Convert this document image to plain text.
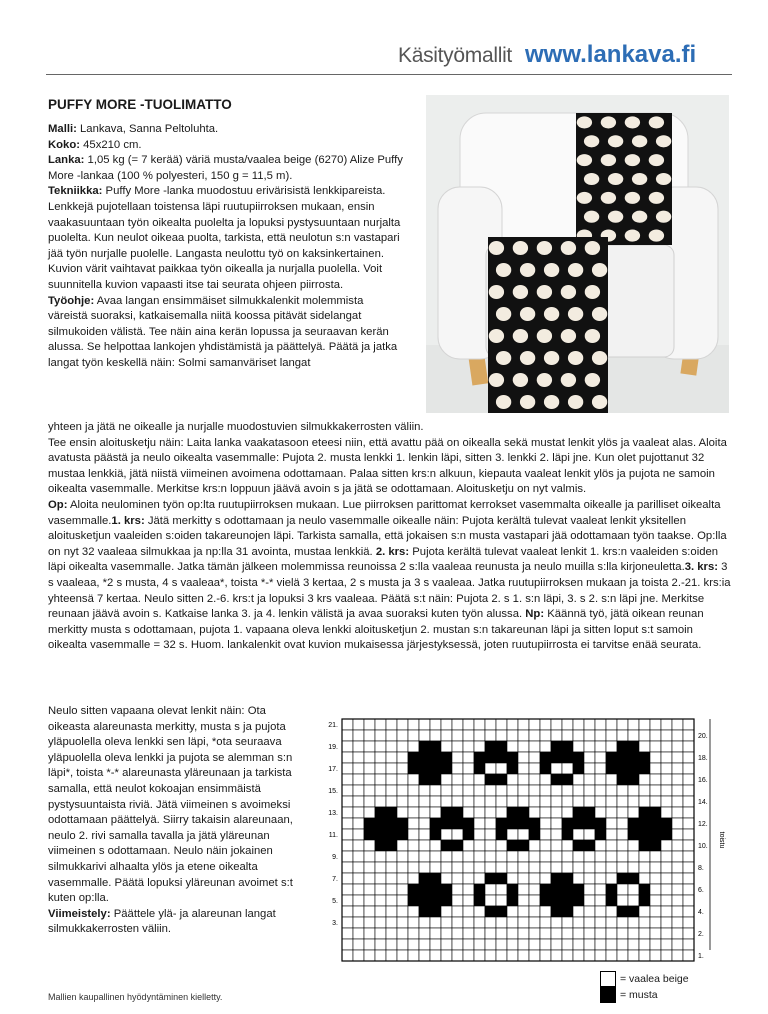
Käsityömallit www.lankava.fi
PUFFY MORE -TUOLIMATTO

Malli: Lankava, Sanna Peltoluhta.

Koko: 45x210 cm.

Lanka: 1,05 kg (= 7 kerää) väriä musta/vaalea beige (6270) Alize Puffy More -lankaa (100 % polyesteri, 150 g = 11,5 m).

Tekniikka: Puffy More -lanka muodostuu erivärisistä lenkkipareista. Lenkkejä pujotellaan toistensa läpi ruutupiirroksen mukaan, ensin vaakasuuntaan työn oikealta puolelta ja lopuksi pystysuuntaan nurjalta puolelta. Kun neulot oikeaa puolta, tarkista, että neulotun s:n vastapari jää työn nurjalle puolelle. Langasta neulottu työ on kaksinkertainen. Kuvion värit vaihtavat paikkaa työn oikealla ja nurjalla puolella. Voit suunnitella kuvion vapaasti itse tai seurata ohjeen piirrosta.

Työohje: Avaa langan ensimmäiset silmukkalenkit molemmista väreistä suoraksi, katkaisemalla niitä koossa pitävät sidelangat silmukoiden välistä. Tee näin aina kerän lopussa ja seuraavan kerän alussa. Se helpottaa lankojen yhdistämistä ja päättelyä. Päätä ja jatka langat työn keskellä näin: Solmi samanväriset langat

yhteen ja jätä ne oikealle ja nurjalle muodostuvien silmukkakerrosten väliin.

Tee ensin aloitusketju näin: Laita lanka vaakatasoon eteesi niin, että avattu pää on oikealla sekä mustat lenkit ylös ja vaaleat alas. Aloita avatusta päästä ja neulo oikealta vasemmalle: Pujota 2. musta lenkki 1. lenkin läpi, sitten 3. lenkki 2. läpi jne. Kun olet pujottanut 32 mustaa lenkkiä, jätä niistä viimeinen avoimena odottamaan. Palaa sitten krs:n alkuun, kiepauta vaaleat lenkit ylös ja pujota ne samoin oikealta vasemmalle. Merkitse krs:n loppuun jäävä avoin s ja jätä se odottamaan. Aloitusketju on nyt valmis.

Op: Aloita neulominen työn op:lta ruutupiirroksen mukaan. Lue piirroksen parittomat kerrokset vasemmalta oikealle ja parilliset oikealta vasemmalle.1. krs: Jätä merkitty s odottamaan ja neulo vasemmalle oikealle näin: Pujota kerältä tulevat vaaleat lenkit yksitellen aloitusketjun vaaleiden s:oiden takareunojen läpi. Tarkista samalla, että jokaisen s:n musta vastapari jää odottamaan työn taakse. Op:lla on nyt 32 vaaleaa silmukkaa ja np:lla 31 avointa, mustaa lenkkiä. 2. krs: Pujota kerältä tulevat vaaleat lenkit 1. krs:n vaaleiden s:oiden läpi oikealta vasemmalle. Jatka tämän jälkeen molemmissa reunoissa 2 s:lla vaaleaa reunusta ja neulo muilla s:lla kirjoneuletta.3. krs: 3 s vaaleaa, *2 s musta, 4 s vaaleaa*, toista *-* vielä 3 kertaa, 2 s musta ja 3 s vaaleaa. Jatka ruutupiirroksen mukaan ja toista 2.-21. krs:ia yhteensä 7 kertaa. Neulo sitten 2.-6. krs:t ja lopuksi 3 krs vaaleaa. Päätä s:t näin: Pujota 2. s 1. s:n läpi, 3. s 2. s:n läpi jne. Merkitse reunaan jäävä avoin s. Katkaise lanka 3. ja 4. lenkin välistä ja avaa suoraksi kuten työn alussa. Np: Käännä työ, jätä oikean reunan merkitty musta s odottamaan, pujota 1. vapaana oleva lenkki aloitusketjun 2. mustan s:n takareunan läpi ja sitten loput s:t samoin oikealta vasemmalle = 32 s. Huom. lankalenkit ovat kuvion mukaisessa järjestyksessä, joten ruutupiirrosta ei tarvitse enää seurata.

Neulo sitten vapaana olevat lenkit näin: Ota oikeasta alareunasta merkitty, musta s ja pujota yläpuolella oleva lenkki sen läpi, *ota seuraava yläpuolella oleva lenkki ja pujota se alemman s:n läpi*, toista *-* alareunasta yläreunaan ja tarkista samalla, että neulot kokoajan ensimmäistä pystysuuntaista riviä. Jätä viimeinen s avoimeksi odottamaan päättelyä. Siirry takaisin alareunaan, neulo 2. rivi samalla tavalla ja jätä yläreunan viimeinen s odottamaan. Neulo näin jokainen silmukkarivi alhaalta ylös ja etene oikealta vasemmalle. Päätä lopuksi yläreunan avoimet s:t kuten op:lla.

Viimeistely: Päättele ylä- ja alareunan langat silmukkakerrosten väliin.

21.
19.
17.
15.
13.
11.
9.
7.
5.
3.
20.
18.
16.
14.
12.
10.
8.
6.
4.
2.
1.
toistu
= vaalea beige
= musta
Mallien kaupallinen hyödyntäminen kielletty.
